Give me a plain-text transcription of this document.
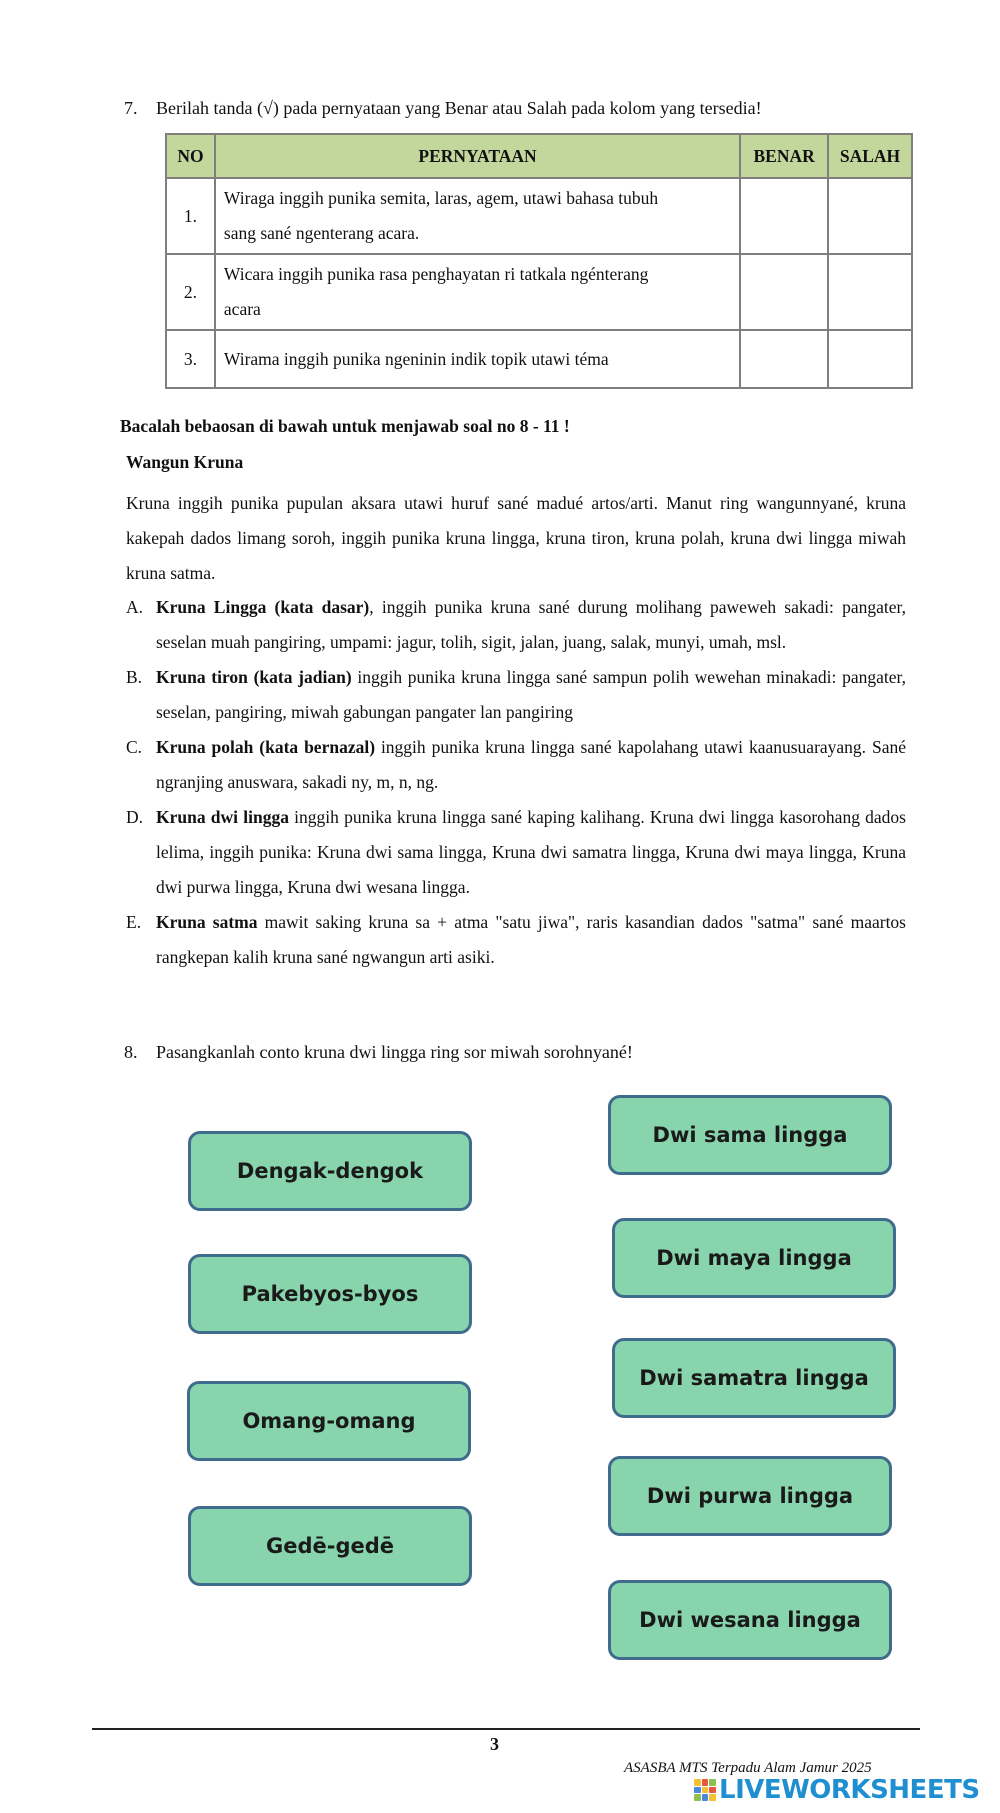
7. Berilah tanda (√) pada pernyataan yang Benar atau Salah pada kolom yang tersedia!
NO	PERNYATAAN	BENAR	SALAH
1.	Wiraga inggih punika semita, laras, agem, utawi bahasa tubuh
sang sané ngenterang acara.		
2.	Wicara inggih punika rasa penghayatan ri tatkala ngénterang
acara		
3.	Wirama inggih punika ngeninin indik topik utawi téma		
Bacalah bebaosan di bawah untuk menjawab soal no 8 - 11 !
Wangun Kruna
Kruna inggih punika pupulan aksara utawi huruf sané madué artos/arti. Manut ring wangunnyané, kruna kakepah dados limang soroh, inggih punika kruna lingga, kruna tiron, kruna polah, kruna dwi lingga miwah kruna satma.
A. Kruna Lingga (kata dasar), inggih punika kruna sané durung molihang paweweh sakadi: pangater, seselan muah pangiring, umpami: jagur, tolih, sigit, jalan, juang, salak, munyi, umah, msl.
B. Kruna tiron (kata jadian) inggih punika kruna lingga sané sampun polih wewehan minakadi: pangater, seselan, pangiring, miwah gabungan pangater lan pangiring
C. Kruna polah (kata bernazal) inggih punika kruna lingga sané kapolahang utawi kaanusuarayang. Sané ngranjing anuswara, sakadi ny, m, n, ng.
D. Kruna dwi lingga inggih punika kruna lingga sané kaping kalihang. Kruna dwi lingga kasorohang dados lelima, inggih punika: Kruna dwi sama lingga, Kruna dwi samatra lingga, Kruna dwi maya lingga, Kruna dwi purwa lingga, Kruna dwi wesana lingga.
E. Kruna satma mawit saking kruna sa + atma "satu jiwa", raris kasandian dados "satma" sané maartos rangkepan kalih kruna sané ngwangun arti asiki.
8. Pasangkanlah conto kruna dwi lingga ring sor miwah sorohnyané!
Dengak-dengok
Pakebyos-byos
Omang-omang
Gedē-gedē
Dwi sama lingga
Dwi maya lingga
Dwi samatra lingga
Dwi purwa lingga
Dwi wesana lingga
3
ASASBA MTS Terpadu Alam Jamur 2025
LIVEWORKSHEETS
